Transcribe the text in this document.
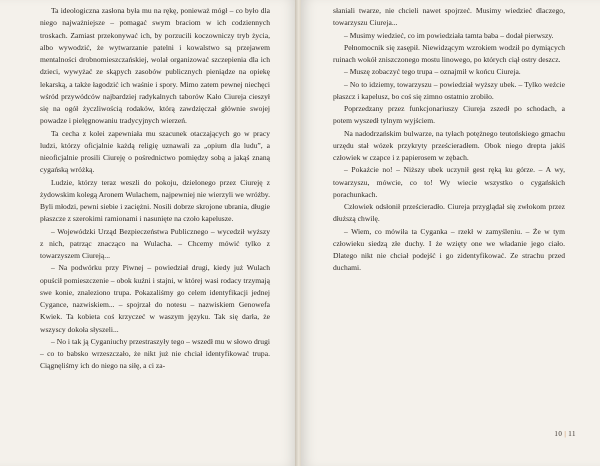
Ta ideologiczna zasłona była mu na rękę, ponieważ mógł – co było dla niego najważniejsze – pomagać swym braciom w ich codziennych troskach. Zamiast przekonywać ich, by porzucili koczowniczy tryb życia, albo wywodzić, że wytwarzanie patelni i kowalstwo są przejawem mentalności drobnomieszczańskiej, wolał organizować szczepienia dla ich dzieci, wywyżać ze skąpych zasobów publicznych pieniądze na opiekę lekarską, a także łagodzić ich waśnie i spory. Mimo zatem pewnej niechęci wśród przywódców najbardziej radykalnych taborów Kało Ciureja cieszył się na ogół życzliwością rodaków, którą zawdzięczał głównie swojej powadze i pielęgnowaniu tradycyjnych wierzeń.

Ta cecha z kolei zapewniała mu szacunek otaczających go w pracy ludzi, którzy oficjalnie każdą religię uznawali za „opium dla ludu”, a nieoficjalnie prosili Ciureję o pośrednictwo pomiędzy sobą a jakąś znaną cygańską wróżką.

Ludzie, którzy teraz weszli do pokoju, dzielonego przez Ciureję z żydowskim kolegą Aronem Wulachem, najpewniej nie wierzyli we wróżby. Byli młodzi, pewni siebie i zaciężni. Nosili dobrze skrojone ubrania, długie płaszcze z szerokimi ramionami i nasunięte na czoło kapelusze.

– Wojewódzki Urząd Bezpieczeństwa Publicznego – wycedził wyższy z nich, patrząc znacząco na Wulacha. – Chcemy mówić tylko z towarzyszem Ciureją...

– Na podwórku przy Piwnej – powiedział drugi, kiedy już Wulach opuścił pomieszczenie – obok kuźni i stajni, w której wasi rodacy trzymają swe konie, znaleziono trupa. Pokazaliśmy go celem identyfikacji jednej Cygance, nazwiskiem... – spojrzał do notesu – nazwiskiem Genowefa Kwiek. Ta kobieta coś krzyczeć w waszym języku. Tak się darła, że wszyscy dokoła słyszeli...

– No i tak ją Cyganiuchy przestraszyły tego – wszedł mu w słowo drugi – co to babsko wrzeszczało, że nikt już nie chciał identyfikować trupa. Ciągnęliśmy ich do niego na siłę, a ci za-

słaniali twarze, nie chcieli nawet spojrzeć. Musimy wiedzieć dlaczego, towarzyszu Ciureja...

– Musimy wiedzieć, co im powiedziała tamta baba – dodał pierwszy.

Pełnomocnik się zasępił. Niewidzącym wzrokiem wodził po dymiących ruinach wokół zniszczonego mostu linowego, po których ciął ostry deszcz.

– Muszę zobaczyć tego trupa – oznajmił w końcu Ciureja.

– No to idziemy, towarzyszu – powiedział wyższy ubek. – Tylko weźcie płaszcz i kapelusz, bo coś się zimno ostatnio zrobiło.

Poprzedzany przez funkcjonariuszy Ciureja zszedł po schodach, a potem wyszedł tylnym wyjściem.

Na nadodrzańskim bulwarze, na tyłach potężnego teutońskiego gmachu urzędu stał wózek przykryty prześcieradłem. Obok niego drepta jakiś człowiek w czapce i z papierosem w zębach.

– Pokażcie no! – Niższy ubek uczynił gest ręką ku górze. – A wy, towarzyszu, mówcie, co to! Wy wiecie wszystko o cygańskich porachunkach.

Człowiek odsłonił prześcieradło. Ciureja przyglądał się zwłokom przez dłuższą chwilę.

– Wiem, co mówiła ta Cyganka – rzekł w zamyśleniu. – Że w tym człowieku siedzą złe duchy. I że wzięty one we władanie jego ciało. Dlatego nikt nie chciał podejść i go zidentyfikować. Ze strachu przed duchami.

10 | 11
